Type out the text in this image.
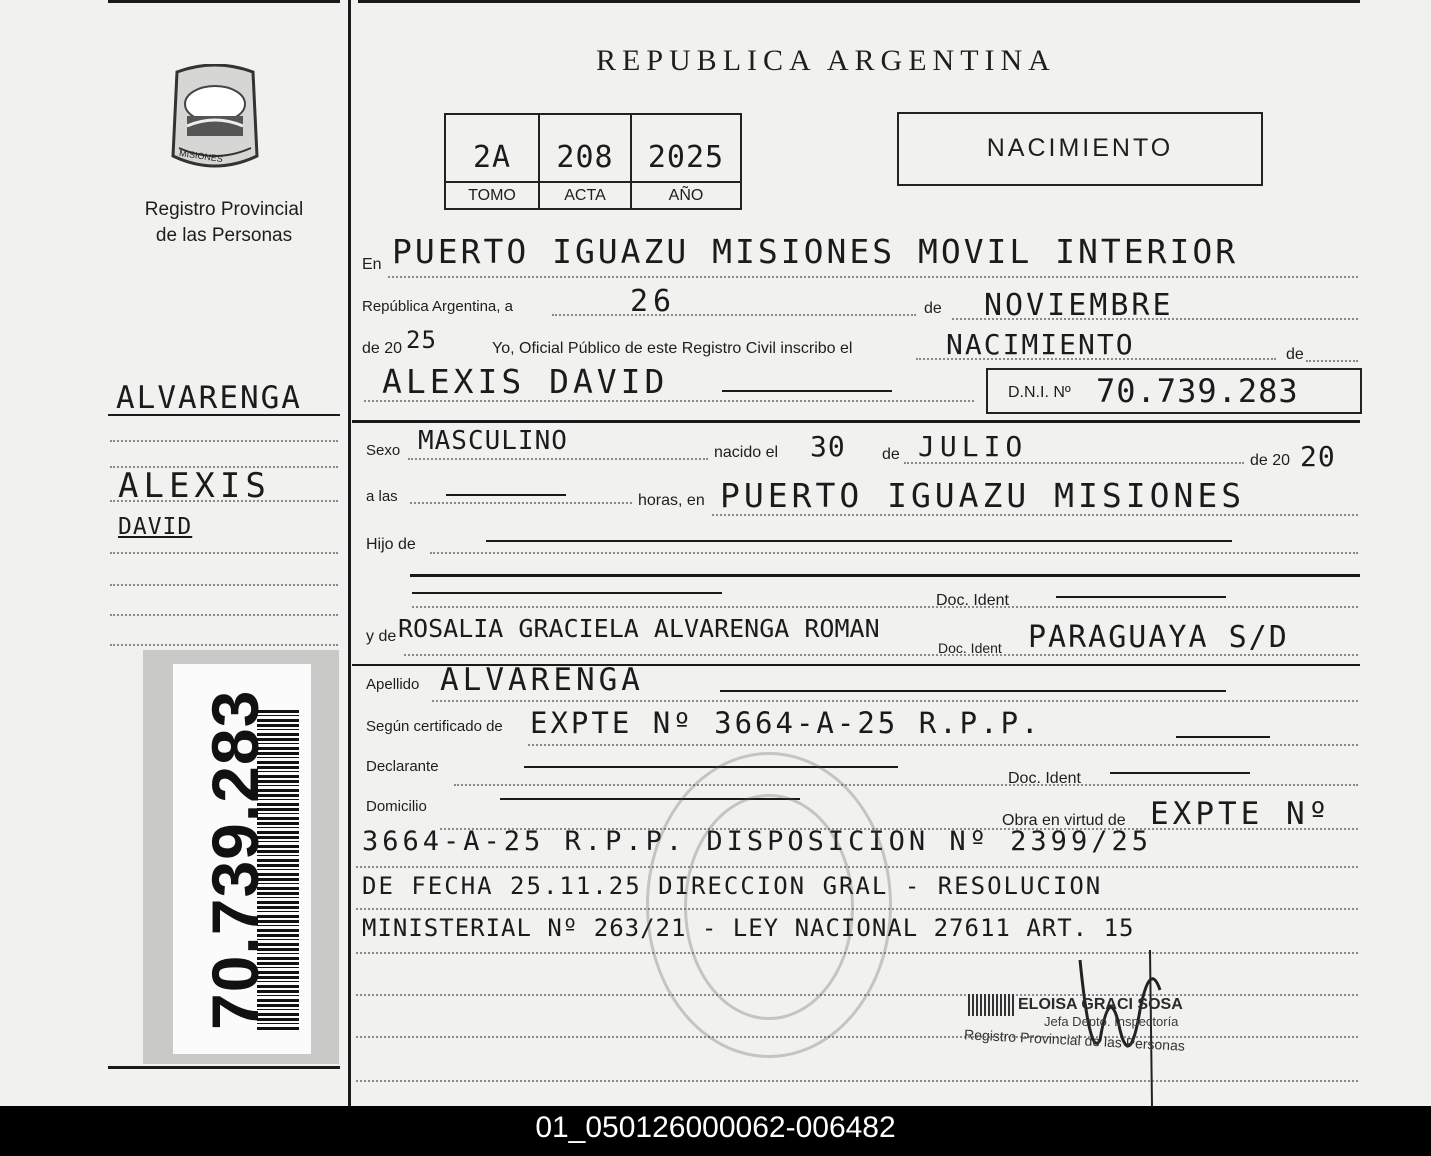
MISIONES
Registro Provincial
de las Personas
ALVARENGA
ALEXIS
DAVID
70.739.283
REPUBLICA ARGENTINA
2A	208	2025
TOMO	ACTA	AÑO
NACIMIENTO
En PUERTO IGUAZU MISIONES MOVIL INTERIOR
República Argentina, a	26	de NOVIEMBRE
de 20 25	Yo, Oficial Público de este Registro Civil inscribo el	NACIMIENTO	de
ALEXIS DAVID	D.N.I. Nº 70.739.283
Sexo MASCULINO	nacido el 30 de JULIO	de 20 20
a las	horas, en PUERTO IGUAZU MISIONES
Hijo de
Doc. Ident
y de ROSALIA GRACIELA ALVARENGA ROMAN
Doc. Ident PARAGUAYA S/D
Apellido ALVARENGA
Según certificado de EXPTE Nº 3664-A-25 R.P.P.
Declarante
Doc. Ident
Domicilio
Obra en virtud de EXPTE Nº
3664-A-25 R.P.P. DISPOSICION Nº 2399/25
DE FECHA 25.11.25 DIRECCION GRAL - RESOLUCION
MINISTERIAL Nº 263/21 - LEY NACIONAL 27611 ART. 15
ELOISA GRACI SOSA
Jefa Depto. Inspectoría
Registro Provincial de las Personas
01_050126000062-006482
